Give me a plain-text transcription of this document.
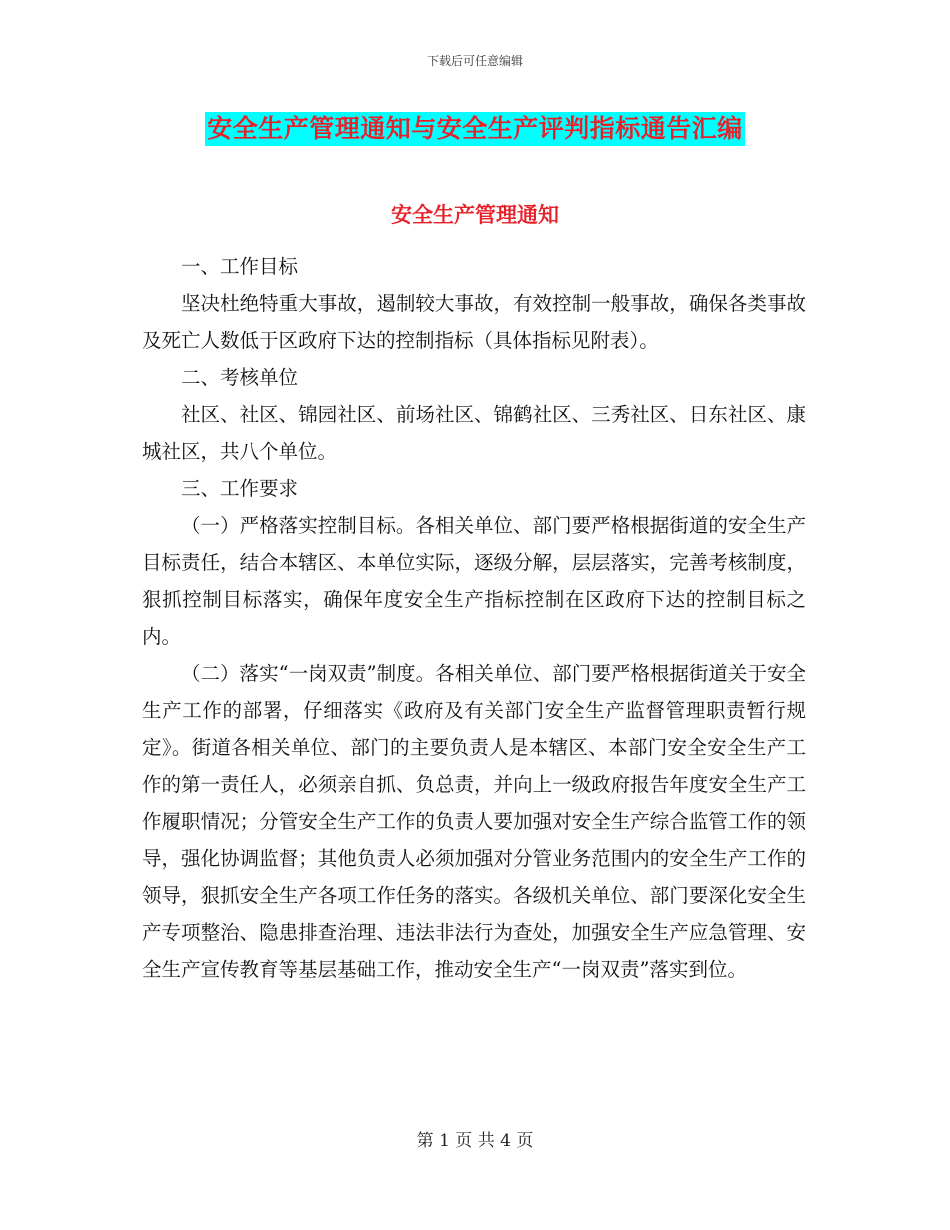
下载后可任意编辑
安全生产管理通知与安全生产评判指标通告汇编
安全生产管理通知

一、工作目标

坚决杜绝特重大事故，遏制较大事故，有效控制一般事故，确保各类事故及死亡人数低于区政府下达的控制指标（具体指标见附表）。

二、考核单位

社区、社区、锦园社区、前场社区、锦鹤社区、三秀社区、日东社区、康城社区，共八个单位。

三、工作要求

（一）严格落实控制目标。各相关单位、部门要严格根据街道的安全生产目标责任，结合本辖区、本单位实际，逐级分解，层层落实，完善考核制度，狠抓控制目标落实，确保年度安全生产指标控制在区政府下达的控制目标之内。

（二）落实“一岗双责”制度。各相关单位、部门要严格根据街道关于安全生产工作的部署，仔细落实《政府及有关部门安全生产监督管理职责暂行规定》。街道各相关单位、部门的主要负责人是本辖区、本部门安全安全生产工作的第一责任人，必须亲自抓、负总责，并向上一级政府报告年度安全生产工作履职情况；分管安全生产工作的负责人要加强对安全生产综合监管工作的领导，强化协调监督；其他负责人必须加强对分管业务范围内的安全生产工作的领导，狠抓安全生产各项工作任务的落实。各级机关单位、部门要深化安全生产专项整治、隐患排查治理、违法非法行为查处，加强安全生产应急管理、安全生产宣传教育等基层基础工作，推动安全生产“一岗双责”落实到位。

第 1 页 共 4 页
